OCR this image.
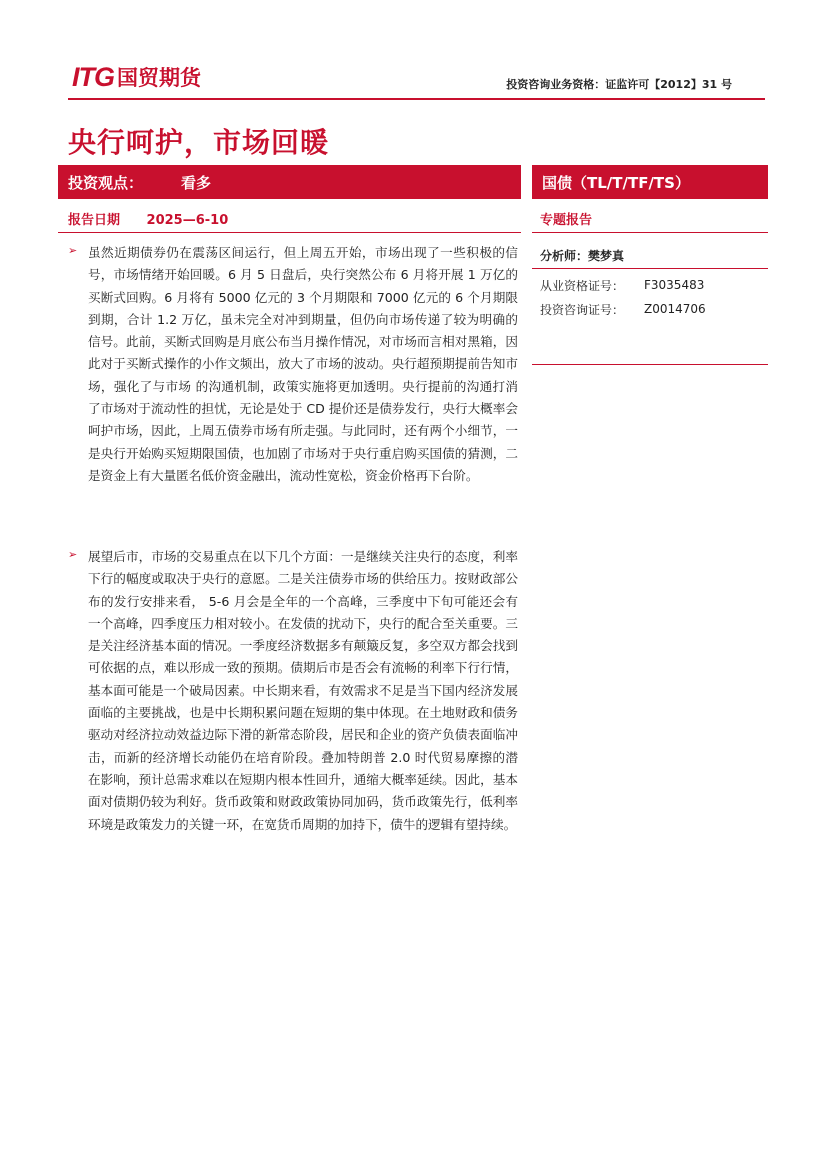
ITG 国贸期货	投资咨询业务资格：证监许可【2012】31 号
央行呵护，市场回暖
投资观点：	看多	国债（TL/T/TF/TS）
报告日期 2025—6-10	专题报告
分析师：樊梦真
从业资格证号：	F3035483
投资咨询证号：	Z0014706
➢ 虽然近期债券仍在震荡区间运行，但上周五开始，市场出现了一些积极的信号，市场情绪开始回暖。6 月 5 日盘后，央行突然公布 6 月将开展 1 万亿的买断式回购。6 月将有 5000 亿元的 3 个月期限和 7000 亿元的 6 个月期限到期，合计 1.2 万亿，虽未完全对冲到期量，但仍向市场传递了较为明确的信号。此前，买断式回购是月底公布当月操作情况，对市场而言相对黑箱，因此对于买断式操作的小作文频出，放大了市场的波动。央行超预期提前告知市场，强化了与市场 的沟通机制，政策实施将更加透明。央行提前的沟通打消了市场对于流动性的担忧，无论是处于 CD 提价还是债券发行，央行大概率会呵护市场，因此，上周五债券市场有所走强。与此同时，还有两个小细节，一是央行开始购买短期限国债，也加剧了市场对于央行重启购买国债的猜测，二是资金上有大量匿名低价资金融出，流动性宽松，资金价格再下台阶。
➢ 展望后市，市场的交易重点在以下几个方面：一是继续关注央行的态度，利率下行的幅度或取决于央行的意愿。二是关注债券市场的供给压力。按财政部公布的发行安排来看， 5-6 月会是全年的一个高峰，三季度中下旬可能还会有一个高峰，四季度压力相对较小。在发债的扰动下，央行的配合至关重要。三是关注经济基本面的情况。一季度经济数据多有颠簸反复，多空双方都会找到可依据的点，难以形成一致的预期。债期后市是否会有流畅的利率下行行情，基本面可能是一个破局因素。中长期来看，有效需求不足是当下国内经济发展面临的主要挑战，也是中长期积累问题在短期的集中体现。在土地财政和债务驱动对经济拉动效益边际下滑的新常态阶段，居民和企业的资产负债表面临冲击，而新的经济增长动能仍在培育阶段。叠加特朗普 2.0 时代贸易摩擦的潜在影响，预计总需求难以在短期内根本性回升，通缩大概率延续。因此，基本面对债期仍较为利好。货币政策和财政政策协同加码，货币政策先行，低利率环境是政策发力的关键一环，在宽货币周期的加持下，债牛的逻辑有望持续。
